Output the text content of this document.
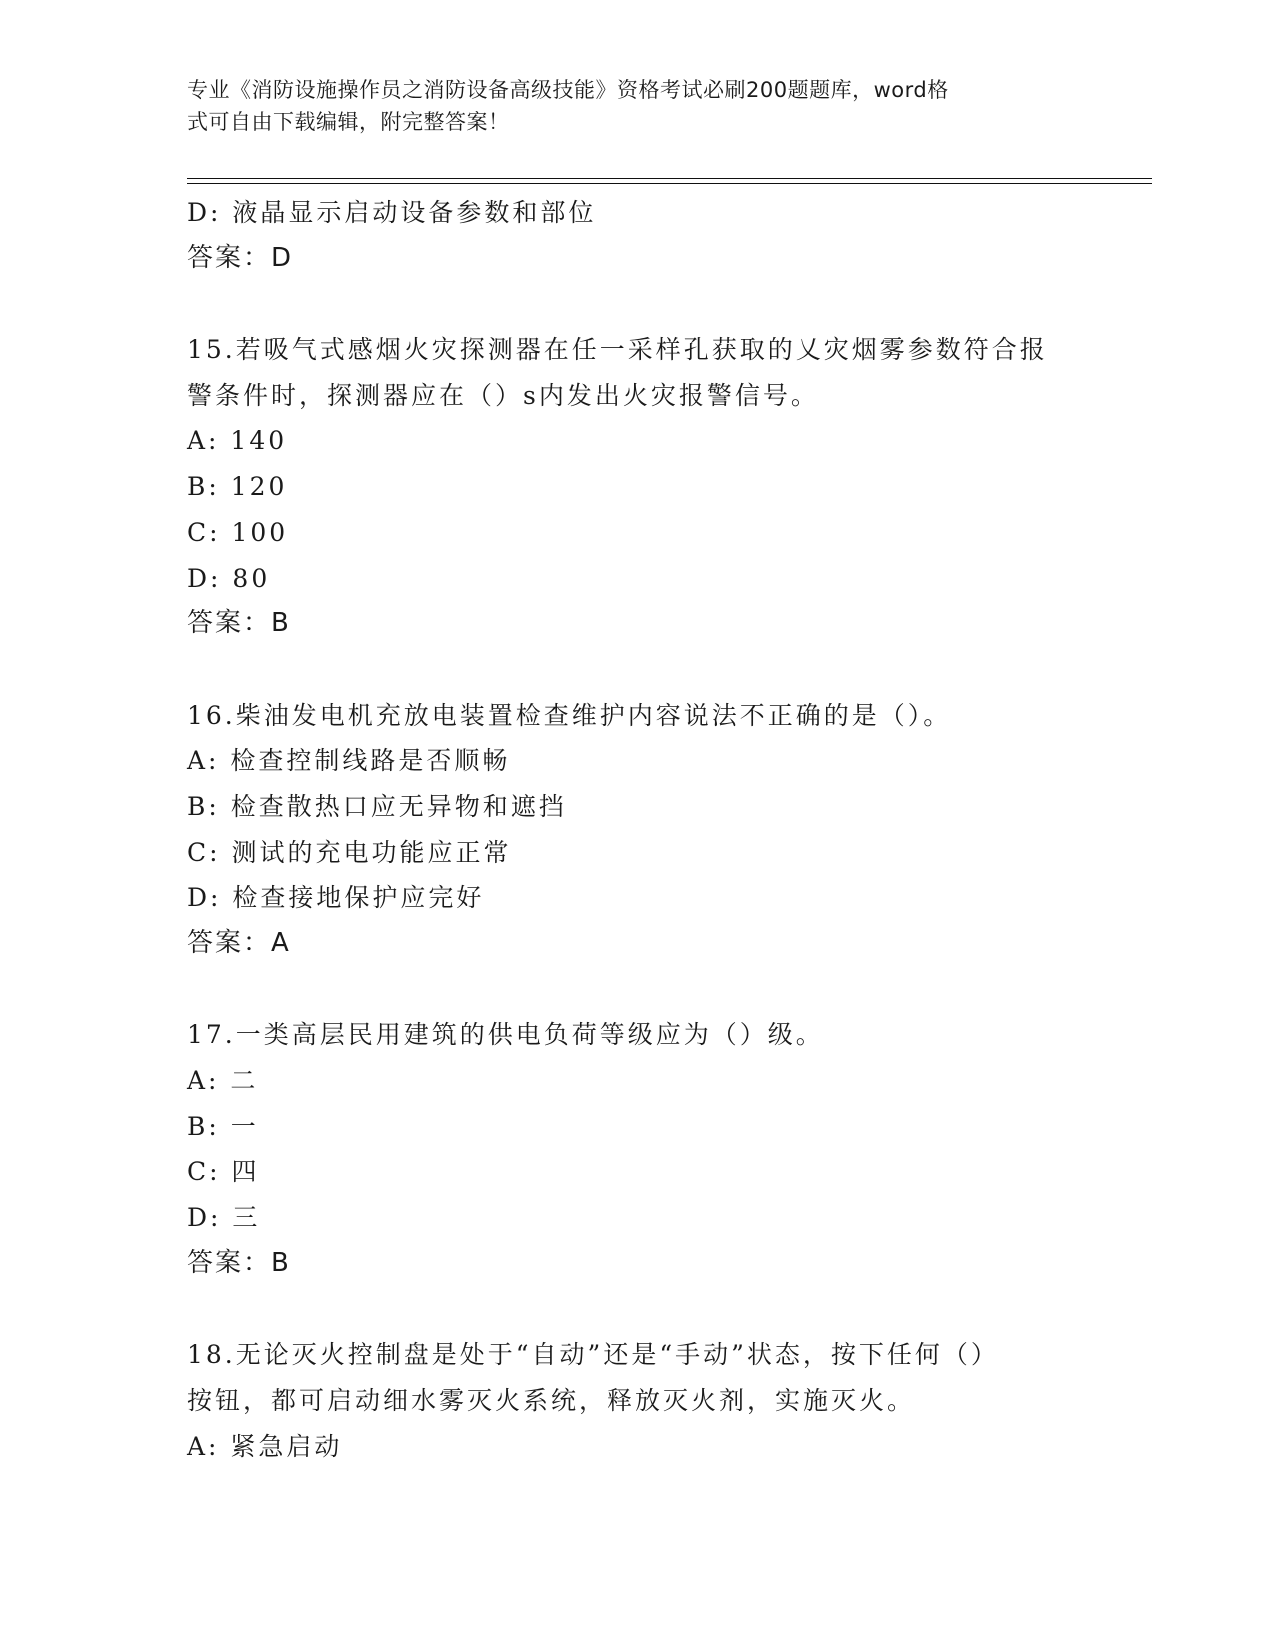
专业《消防设施操作员之消防设备高级技能》资格考试必刷200题题库，word格
式可自由下载编辑，附完整答案！
D: 液晶显示启动设备参数和部位
答案：D
15.若吸气式感烟火灾探测器在任一采样孔获取的乂灾烟雾参数符合报
警条件时，探测器应在（）s内发出火灾报警信号。
A: 140
B: 120
C: 100
D: 80
答案：B
16.柴油发电机充放电装置检查维护内容说法不正确的是（）。
A: 检查控制线路是否顺畅
B: 检查散热口应无异物和遮挡
C: 测试的充电功能应正常
D: 检查接地保护应完好
答案：A
17.一类高层民用建筑的供电负荷等级应为（）级。
A: 二
B: 一
C: 四
D: 三
答案：B
18.无论灭火控制盘是处于“自动”还是“手动”状态，按下任何（）
按钮，都可启动细水雾灭火系统，释放灭火剂，实施灭火。
A: 紧急启动
